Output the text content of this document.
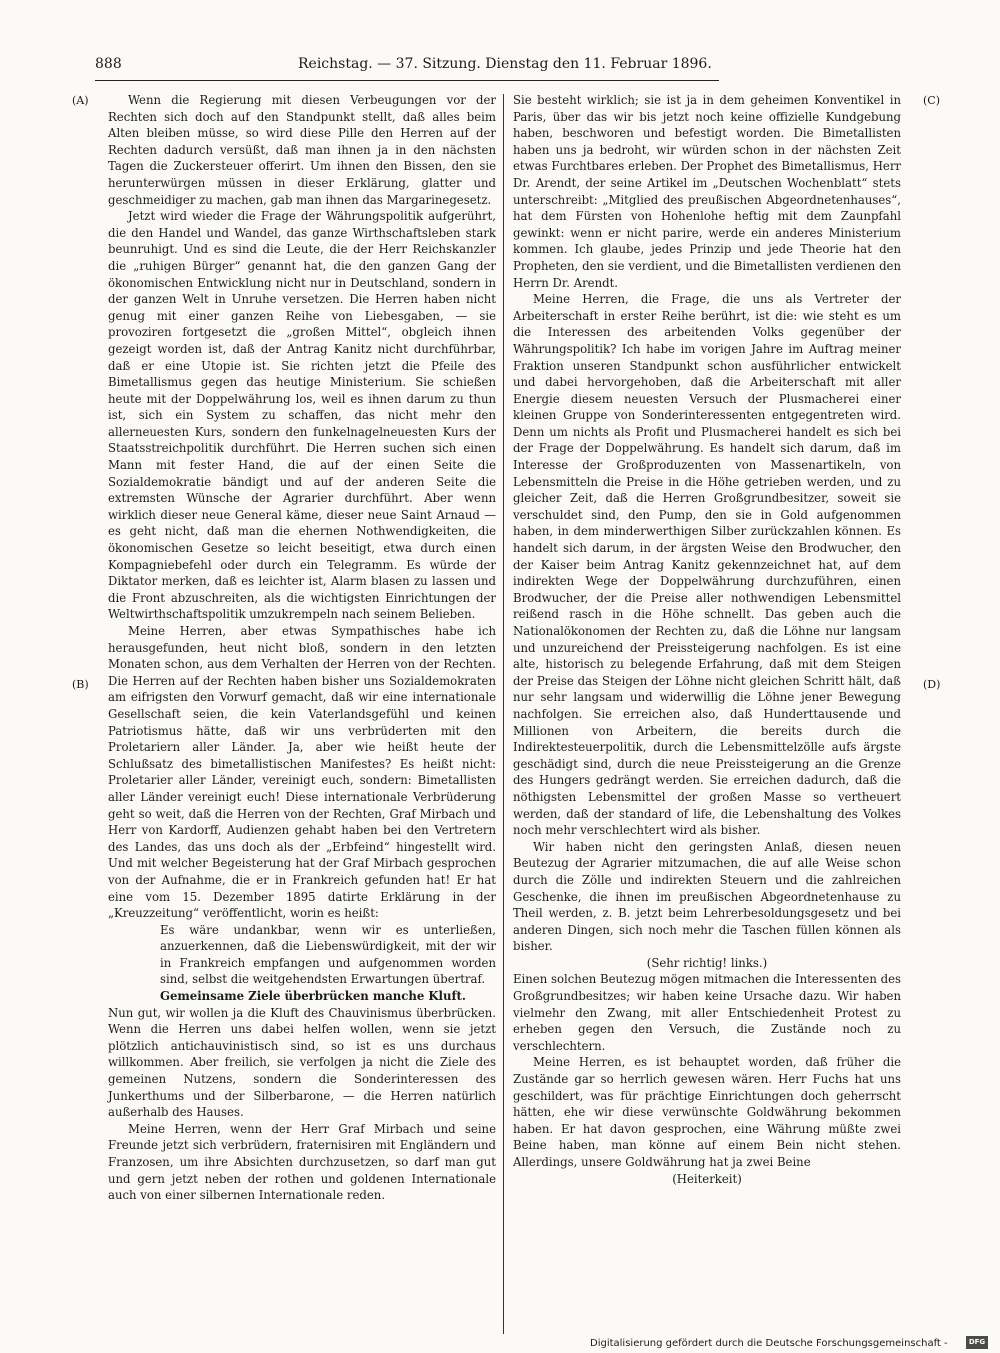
888	Reichstag. — 37. Sitzung. Dienstag den 11. Februar 1896.
(A)
(B)
(C)
(D)

Wenn die Regierung mit diesen Verbeugungen vor der Rechten sich doch auf den Standpunkt stellt, daß alles beim Alten bleiben müsse, so wird diese Pille den Herren auf der Rechten dadurch versüßt, daß man ihnen ja in den nächsten Tagen die Zuckersteuer offerirt. Um ihnen den Bissen, den sie herunterwürgen müssen in dieser Erklärung, glatter und geschmeidiger zu machen, gab man ihnen das Margarinegesetz.

Jetzt wird wieder die Frage der Währungspolitik aufgerührt, die den Handel und Wandel, das ganze Wirthschaftsleben stark beunruhigt. Und es sind die Leute, die der Herr Reichskanzler die „ruhigen Bürger“ genannt hat, die den ganzen Gang der ökonomischen Entwicklung nicht nur in Deutschland, sondern in der ganzen Welt in Unruhe versetzen. Die Herren haben nicht genug mit einer ganzen Reihe von Liebesgaben, — sie provoziren fortgesetzt die „großen Mittel“, obgleich ihnen gezeigt worden ist, daß der Antrag Kanitz nicht durchführbar, daß er eine Utopie ist. Sie richten jetzt die Pfeile des Bimetallismus gegen das heutige Ministerium. Sie schießen heute mit der Doppelwährung los, weil es ihnen darum zu thun ist, sich ein System zu schaffen, das nicht mehr den allerneuesten Kurs, sondern den funkelnagelneuesten Kurs der Staatsstreichpolitik durchführt. Die Herren suchen sich einen Mann mit fester Hand, die auf der einen Seite die Sozialdemokratie bändigt und auf der anderen Seite die extremsten Wünsche der Agrarier durchführt. Aber wenn wirklich dieser neue General käme, dieser neue Saint Arnaud — es geht nicht, daß man die ehernen Nothwendigkeiten, die ökonomischen Gesetze so leicht beseitigt, etwa durch einen Kompagniebefehl oder durch ein Telegramm. Es würde der Diktator merken, daß es leichter ist, Alarm blasen zu lassen und die Front abzuschreiten, als die wichtigsten Einrichtungen der Weltwirthschaftspolitik umzukrempeln nach seinem Belieben.

Meine Herren, aber etwas Sympathisches habe ich herausgefunden, heut nicht bloß, sondern in den letzten Monaten schon, aus dem Verhalten der Herren von der Rechten. Die Herren auf der Rechten haben bisher uns Sozialdemokraten am eifrigsten den Vorwurf gemacht, daß wir eine internationale Gesellschaft seien, die kein Vaterlandsgefühl und keinen Patriotismus hätte, daß wir uns verbrüderten mit den Proletariern aller Länder. Ja, aber wie heißt heute der Schlußsatz des bimetallistischen Manifestes? Es heißt nicht: Proletarier aller Länder, vereinigt euch, sondern: Bimetallisten aller Länder vereinigt euch! Diese internationale Verbrüderung geht so weit, daß die Herren von der Rechten, Graf Mirbach und Herr von Kardorff, Audienzen gehabt haben bei den Vertretern des Landes, das uns doch als der „Erbfeind“ hingestellt wird. Und mit welcher Begeisterung hat der Graf Mirbach gesprochen von der Aufnahme, die er in Frankreich gefunden hat! Er hat eine vom 15. Dezember 1895 datirte Erklärung in der „Kreuzzeitung“ veröffentlicht, worin es heißt:

Es wäre undankbar, wenn wir es unterließen, anzuerkennen, daß die Liebenswürdigkeit, mit der wir in Frankreich empfangen und aufgenommen worden sind, selbst die weitgehendsten Erwartungen übertraf.

Gemeinsame Ziele überbrücken manche Kluft.

Nun gut, wir wollen ja die Kluft des Chauvinismus überbrücken. Wenn die Herren uns dabei helfen wollen, wenn sie jetzt plötzlich antichauvinistisch sind, so ist es uns durchaus willkommen. Aber freilich, sie verfolgen ja nicht die Ziele des gemeinen Nutzens, sondern die Sonderinteressen des Junkerthums und der Silberbarone, — die Herren natürlich außerhalb des Hauses.

Meine Herren, wenn der Herr Graf Mirbach und seine Freunde jetzt sich verbrüdern, fraternisiren mit Engländern und Franzosen, um ihre Absichten durchzusetzen, so darf man gut und gern jetzt neben der rothen und goldenen Internationale auch von einer silbernen Internationale reden.

Sie besteht wirklich; sie ist ja in dem geheimen Konventikel in Paris, über das wir bis jetzt noch keine offizielle Kundgebung haben, beschworen und befestigt worden. Die Bimetallisten haben uns ja bedroht, wir würden schon in der nächsten Zeit etwas Furchtbares erleben. Der Prophet des Bimetallismus, Herr Dr. Arendt, der seine Artikel im „Deutschen Wochenblatt“ stets unterschreibt: „Mitglied des preußischen Abgeordnetenhauses“, hat dem Fürsten von Hohenlohe heftig mit dem Zaunpfahl gewinkt: wenn er nicht parire, werde ein anderes Ministerium kommen. Ich glaube, jedes Prinzip und jede Theorie hat den Propheten, den sie verdient, und die Bimetallisten verdienen den Herrn Dr. Arendt.

Meine Herren, die Frage, die uns als Vertreter der Arbeiterschaft in erster Reihe berührt, ist die: wie steht es um die Interessen des arbeitenden Volks gegenüber der Währungspolitik? Ich habe im vorigen Jahre im Auftrag meiner Fraktion unseren Standpunkt schon ausführlicher entwickelt und dabei hervorgehoben, daß die Arbeiterschaft mit aller Energie diesem neuesten Versuch der Plusmacherei einer kleinen Gruppe von Sonderinteressenten entgegentreten wird. Denn um nichts als Profit und Plusmacherei handelt es sich bei der Frage der Doppelwährung. Es handelt sich darum, daß im Interesse der Großproduzenten von Massenartikeln, von Lebensmitteln die Preise in die Höhe getrieben werden, und zu gleicher Zeit, daß die Herren Großgrundbesitzer, soweit sie verschuldet sind, den Pump, den sie in Gold aufgenommen haben, in dem minderwerthigen Silber zurückzahlen können. Es handelt sich darum, in der ärgsten Weise den Brodwucher, den der Kaiser beim Antrag Kanitz gekennzeichnet hat, auf dem indirekten Wege der Doppelwährung durchzuführen, einen Brodwucher, der die Preise aller nothwendigen Lebensmittel reißend rasch in die Höhe schnellt. Das geben auch die Nationalökonomen der Rechten zu, daß die Löhne nur langsam und unzureichend der Preissteigerung nachfolgen. Es ist eine alte, historisch zu belegende Erfahrung, daß mit dem Steigen der Preise das Steigen der Löhne nicht gleichen Schritt hält, daß nur sehr langsam und widerwillig die Löhne jener Bewegung nachfolgen. Sie erreichen also, daß Hunderttausende und Millionen von Arbeitern, die bereits durch die Indirektesteuerpolitik, durch die Lebensmittelzölle aufs ärgste geschädigt sind, durch die neue Preissteigerung an die Grenze des Hungers gedrängt werden. Sie erreichen dadurch, daß die nöthigsten Lebensmittel der großen Masse so vertheuert werden, daß der standard of life, die Lebenshaltung des Volkes noch mehr verschlechtert wird als bisher.

Wir haben nicht den geringsten Anlaß, diesen neuen Beutezug der Agrarier mitzumachen, die auf alle Weise schon durch die Zölle und indirekten Steuern und die zahlreichen Geschenke, die ihnen im preußischen Abgeordnetenhause zu Theil werden, z. B. jetzt beim Lehrerbesoldungsgesetz und bei anderen Dingen, sich noch mehr die Taschen füllen können als bisher.

(Sehr richtig! links.)

Einen solchen Beutezug mögen mitmachen die Interessenten des Großgrundbesitzes; wir haben keine Ursache dazu. Wir haben vielmehr den Zwang, mit aller Entschiedenheit Protest zu erheben gegen den Versuch, die Zustände noch zu verschlechtern.

Meine Herren, es ist behauptet worden, daß früher die Zustände gar so herrlich gewesen wären. Herr Fuchs hat uns geschildert, was für prächtige Einrichtungen doch geherrscht hätten, ehe wir diese verwünschte Goldwährung bekommen haben. Er hat davon gesprochen, eine Währung müßte zwei Beine haben, man könne auf einem Bein nicht stehen. Allerdings, unsere Goldwährung hat ja zwei Beine

(Heiterkeit)

Digitalisierung gefördert durch die Deutsche Forschungsgemeinschaft -	DFG
